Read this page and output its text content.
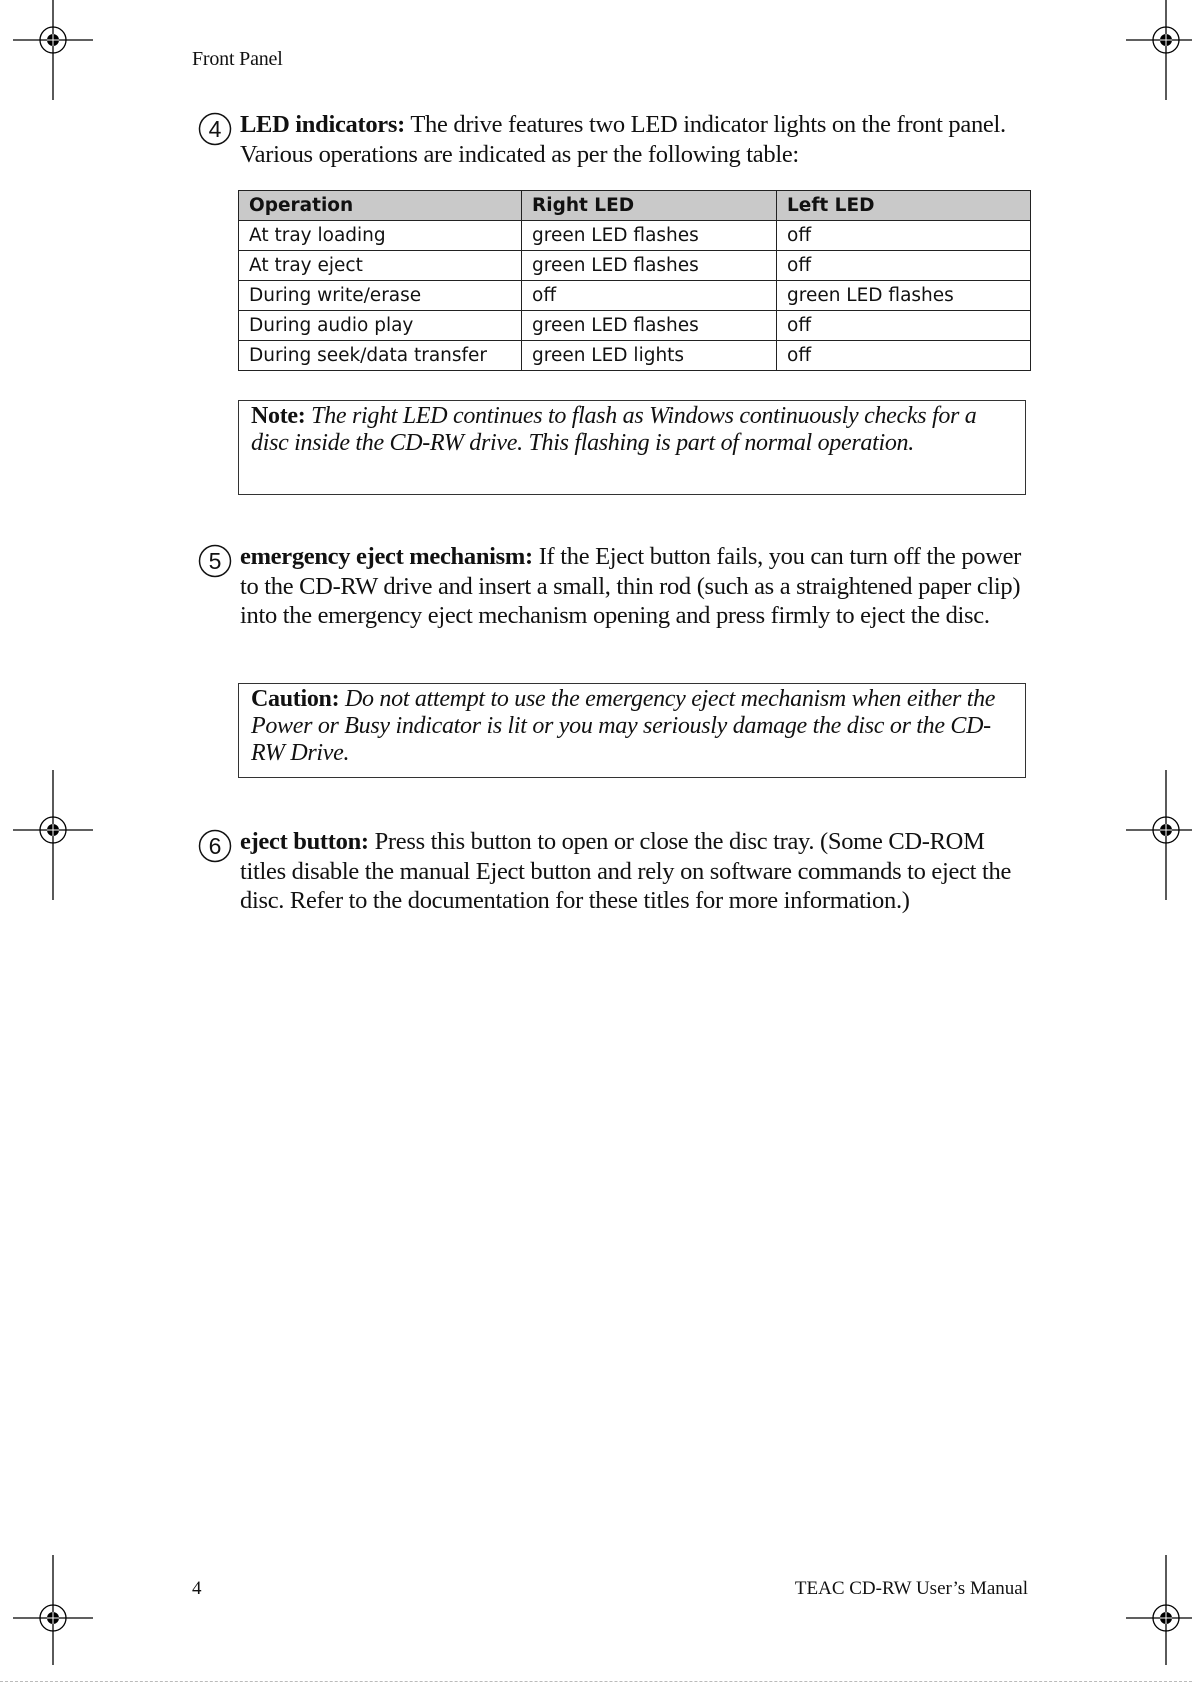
Front Panel
4 LED indicators: The drive features two LED indicator lights on the front panel. Various operations are indicated as per the following table:
Operation	Right LED	Left LED
At tray loading	green LED flashes	off
At tray eject	green LED flashes	off
During write/erase	off	green LED flashes
During audio play	green LED flashes	off
During seek/data transfer	green LED lights	off
Note: The right LED continues to flash as Windows continuously checks for a disc inside the CD-RW drive. This flashing is part of normal operation.
5 emergency eject mechanism: If the Eject button fails, you can turn off the power to the CD-RW drive and insert a small, thin rod (such as a straightened paper clip) into the emergency eject mechanism opening and press firmly to eject the disc.
Caution: Do not attempt to use the emergency eject mechanism when either the Power or Busy indicator is lit or you may seriously damage the disc or the CD-RW Drive.
6 eject button: Press this button to open or close the disc tray. (Some CD-ROM titles disable the manual Eject button and rely on software commands to eject the disc. Refer to the documentation for these titles for more information.)
4	TEAC CD-RW User’s Manual
